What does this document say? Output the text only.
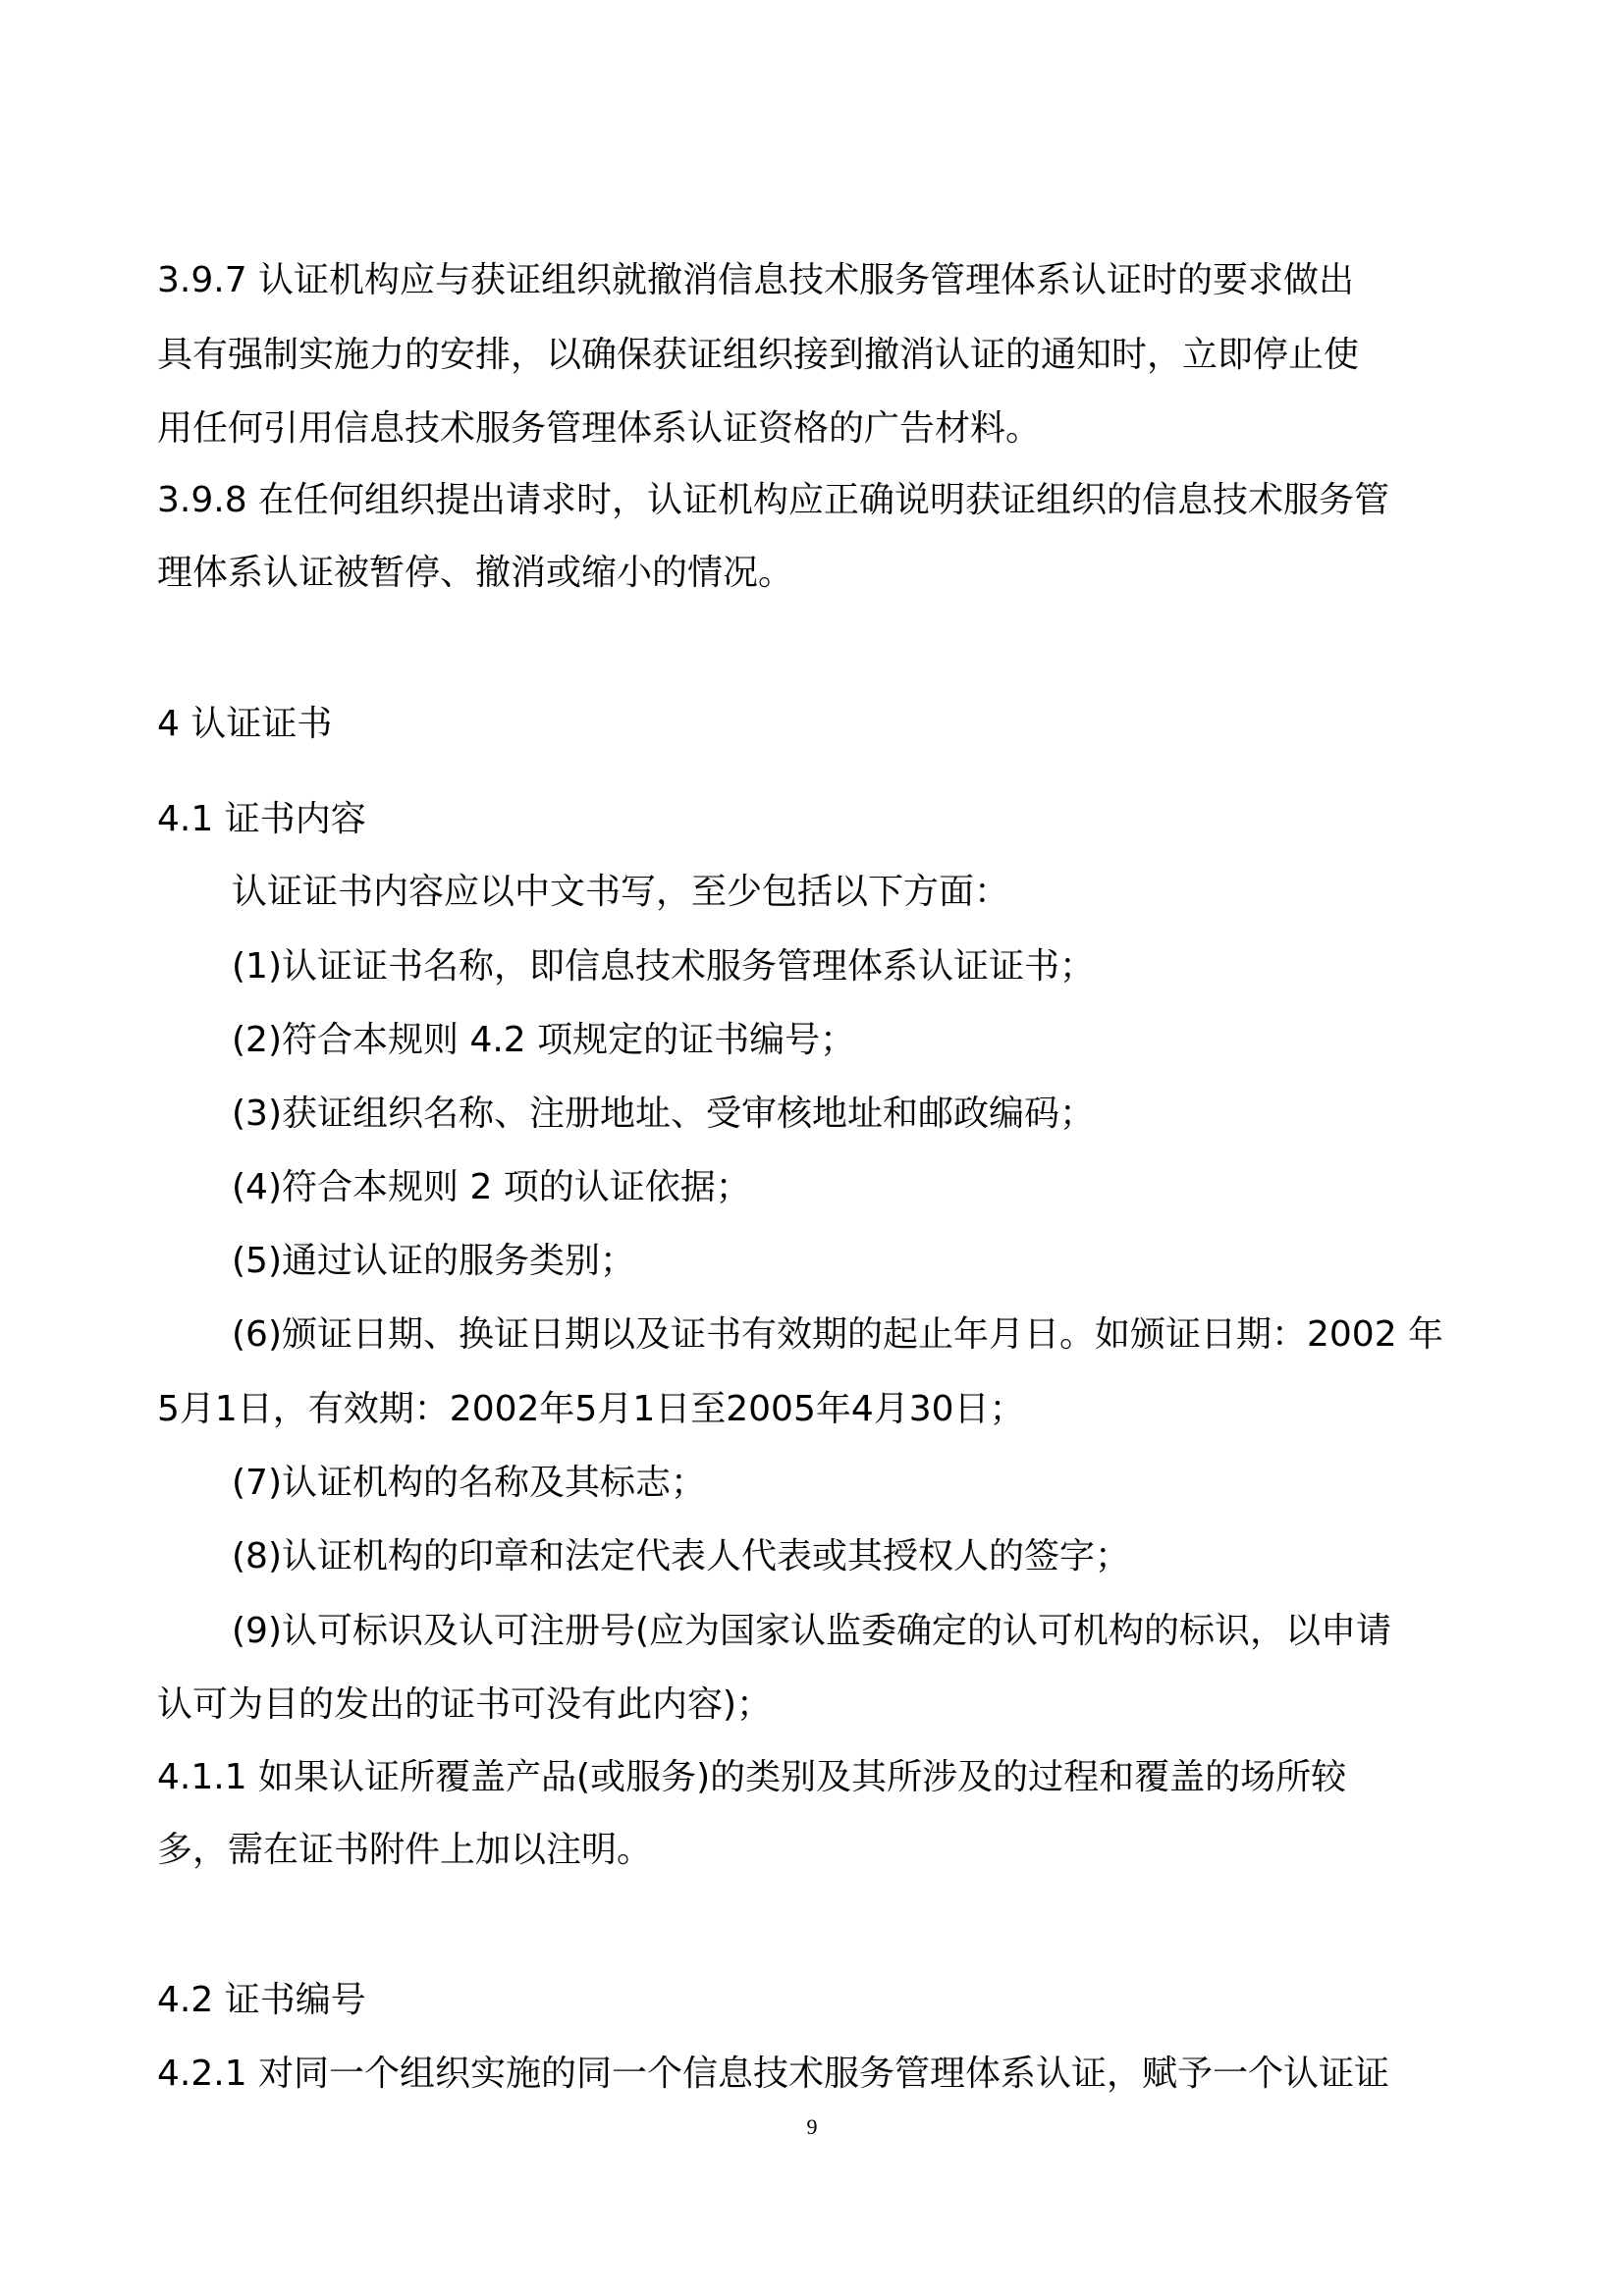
3.9.7 认证机构应与获证组织就撤消信息技术服务管理体系认证时的要求做出

具有强制实施力的安排，以确保获证组织接到撤消认证的通知时，立即停止使

用任何引用信息技术服务管理体系认证资格的广告材料。

3.9.8 在任何组织提出请求时，认证机构应正确说明获证组织的信息技术服务管

理体系认证被暂停、撤消或缩小的情况。

4 认证证书

4.1 证书内容

认证证书内容应以中文书写，至少包括以下方面：

(1)认证证书名称，即信息技术服务管理体系认证证书；

(2)符合本规则 4.2 项规定的证书编号；

(3)获证组织名称、注册地址、受审核地址和邮政编码；

(4)符合本规则 2 项的认证依据；

(5)通过认证的服务类别；

(6)颁证日期、换证日期以及证书有效期的起止年月日。如颁证日期：2002 年

5月1日，有效期：2002年5月1日至2005年4月30日；

(7)认证机构的名称及其标志；

(8)认证机构的印章和法定代表人代表或其授权人的签字；

(9)认可标识及认可注册号(应为国家认监委确定的认可机构的标识，以申请

认可为目的发出的证书可没有此内容)；

4.1.1 如果认证所覆盖产品(或服务)的类别及其所涉及的过程和覆盖的场所较

多，需在证书附件上加以注明。

4.2 证书编号

4.2.1 对同一个组织实施的同一个信息技术服务管理体系认证，赋予一个认证证

9
